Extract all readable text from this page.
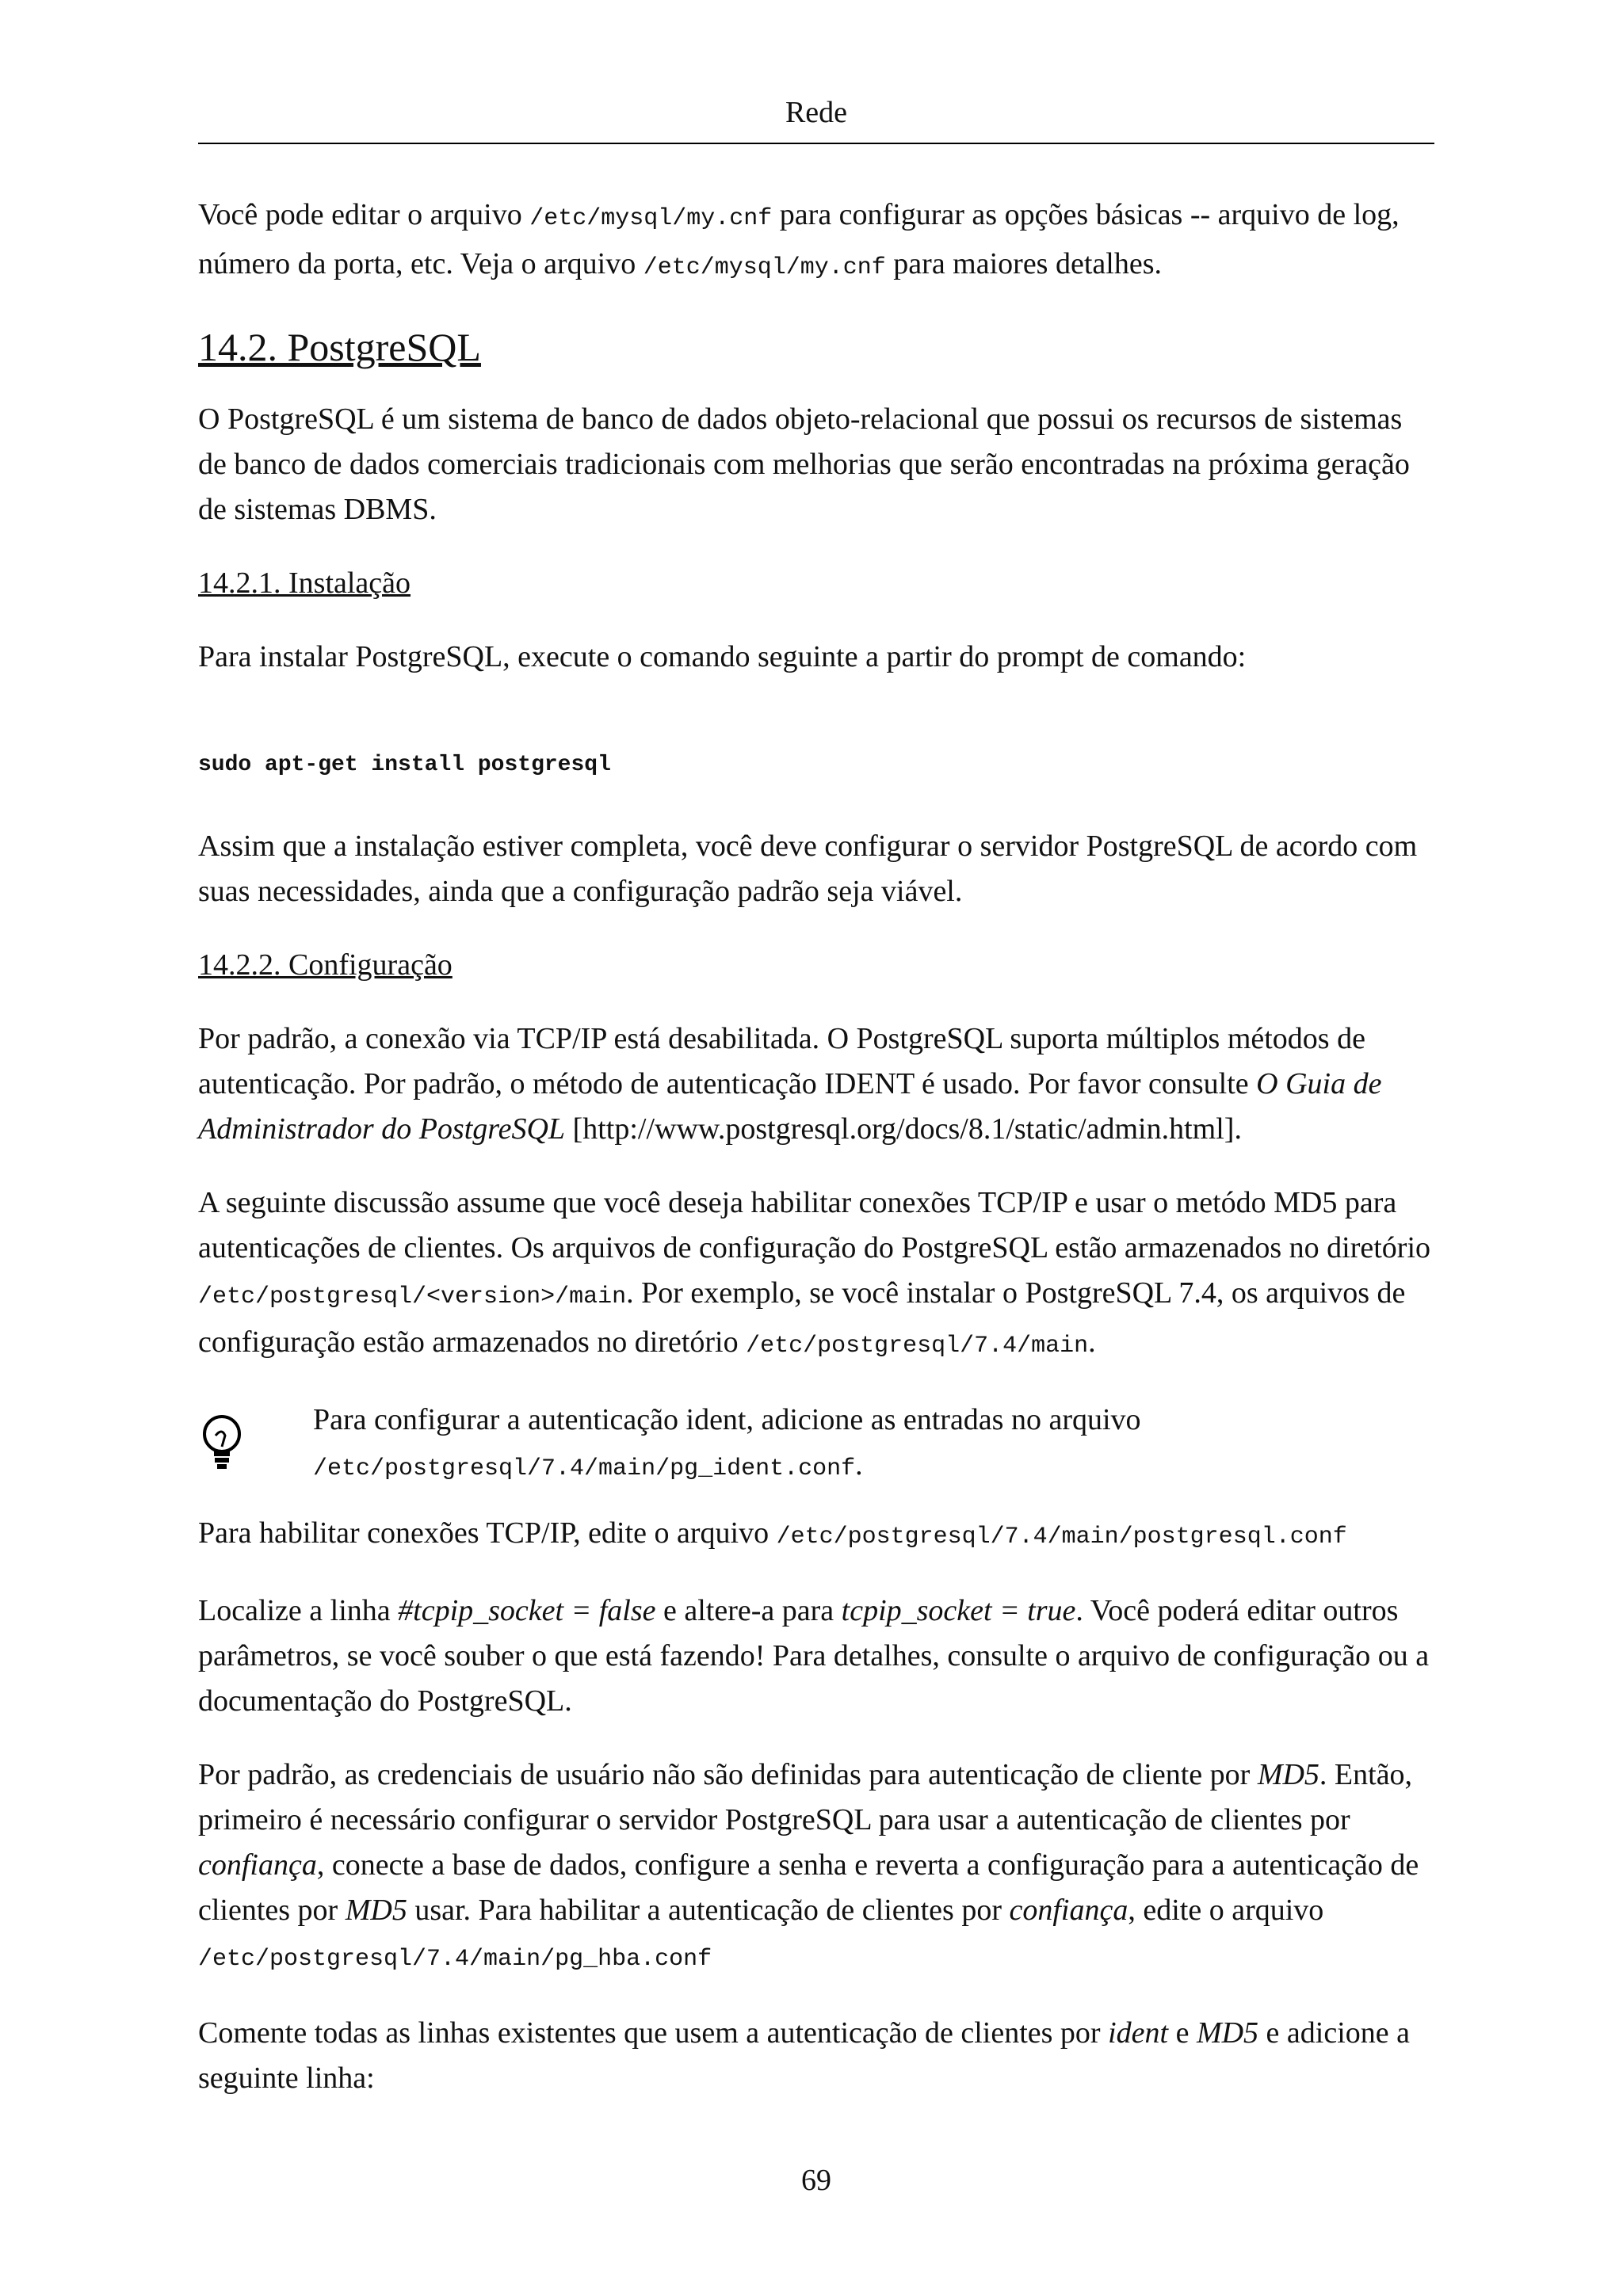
Rede

Você pode editar o arquivo /etc/mysql/my.cnf para configurar as opções básicas -- arquivo de log, número da porta, etc. Veja o arquivo /etc/mysql/my.cnf para maiores detalhes.

14.2. PostgreSQL

O PostgreSQL é um sistema de banco de dados objeto-relacional que possui os recursos de sistemas de banco de dados comerciais tradicionais com melhorias que serão encontradas na próxima geração de sistemas DBMS.

14.2.1. Instalação

Para instalar PostgreSQL, execute o comando seguinte a partir do prompt de comando:

sudo apt-get install postgresql

Assim que a instalação estiver completa, você deve configurar o servidor PostgreSQL de acordo com suas necessidades, ainda que a configuração padrão seja viável.

14.2.2. Configuração

Por padrão, a conexão via TCP/IP está desabilitada. O PostgreSQL suporta múltiplos métodos de autenticação. Por padrão, o método de autenticação IDENT é usado. Por favor consulte O Guia de Administrador do PostgreSQL [http://www.postgresql.org/docs/8.1/static/admin.html].

A seguinte discussão assume que você deseja habilitar conexões TCP/IP e usar o metódo MD5 para autenticações de clientes. Os arquivos de configuração do PostgreSQL estão armazenados no diretório /etc/postgresql/<version>/main. Por exemplo, se você instalar o PostgreSQL 7.4, os arquivos de configuração estão armazenados no diretório /etc/postgresql/7.4/main.

Para configurar a autenticação ident, adicione as entradas no arquivo
/etc/postgresql/7.4/main/pg_ident.conf.

Para habilitar conexões TCP/IP, edite o arquivo /etc/postgresql/7.4/main/postgresql.conf

Localize a linha #tcpip_socket = false e altere-a para tcpip_socket = true. Você poderá editar outros parâmetros, se você souber o que está fazendo! Para detalhes, consulte o arquivo de configuração ou a documentação do PostgreSQL.

Por padrão, as credenciais de usuário não são definidas para autenticação de cliente por MD5. Então, primeiro é necessário configurar o servidor PostgreSQL para usar a autenticação de clientes por confiança, conecte a base de dados, configure a senha e reverta a configuração para a autenticação de clientes por MD5 usar. Para habilitar a autenticação de clientes por confiança, edite o arquivo
/etc/postgresql/7.4/main/pg_hba.conf

Comente todas as linhas existentes que usem a autenticação de clientes por ident e MD5 e adicione a seguinte linha:

69
